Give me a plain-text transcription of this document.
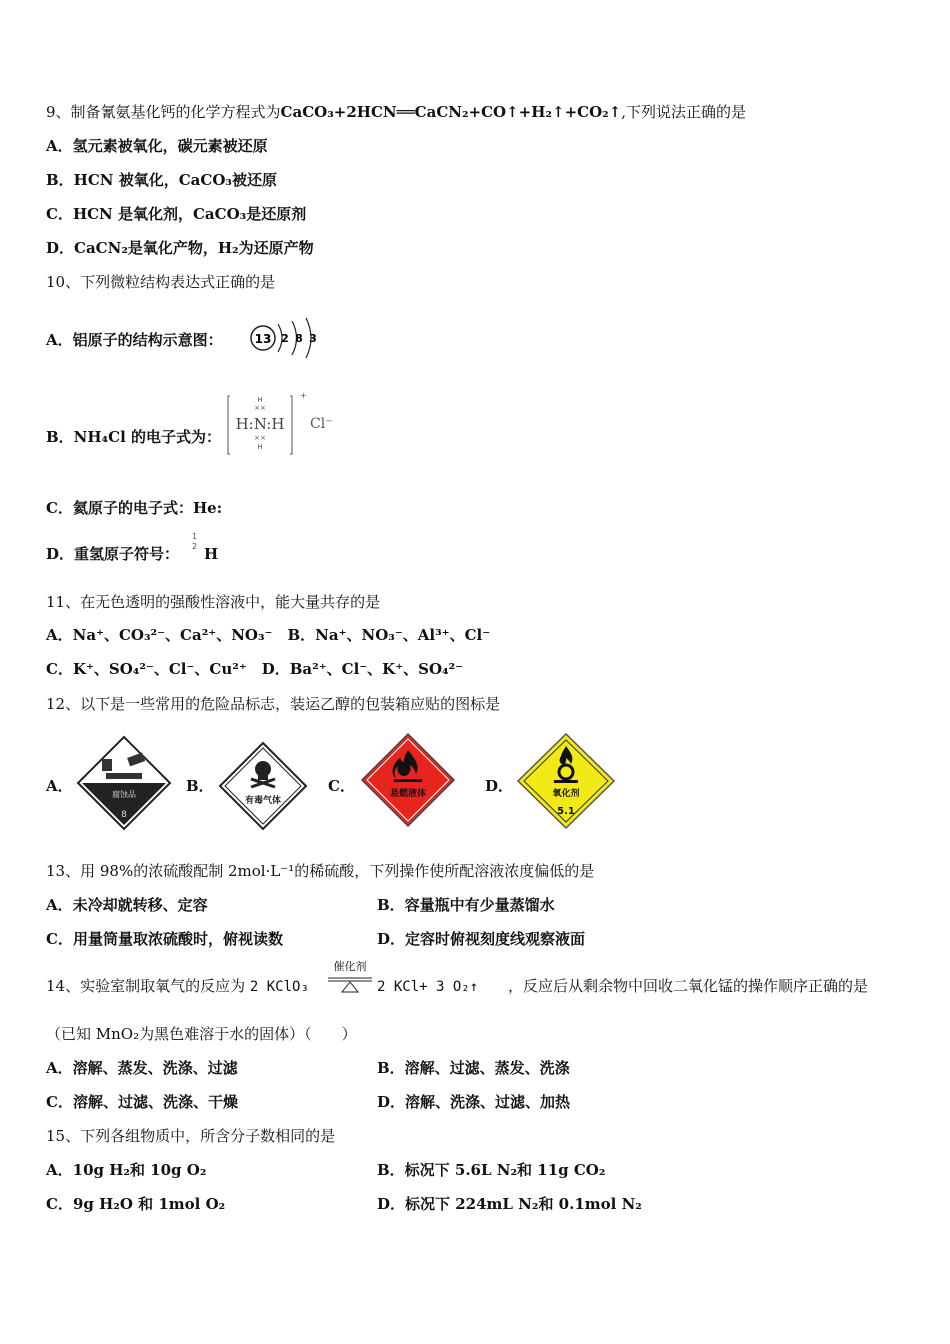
9、制备氰氨基化钙的化学方程式为CaCO₃+2HCN══CaCN₂+CO↑+H₂↑+CO₂↑,下列说法正确的是
A．氢元素被氧化，碳元素被还原
B．HCN 被氧化，CaCO₃被还原
C．HCN 是氧化剂，CaCO₃是还原剂
D．CaCN₂是氧化产物，H₂为还原产物
10、下列微粒结构表达式正确的是
A．铝原子的结构示意图：	13 2 8 3
B．NH₄Cl 的电子式为：
H
××
H:N:H
××
H
+
Cl⁻
C．氦原子的电子式：He:
D．重氢原子符号：
1
2 H
11、在无色透明的强酸性溶液中，能大量共存的是
A．Na⁺、CO₃²⁻、Ca²⁺、NO₃⁻　B．Na⁺、NO₃⁻、Al³⁺、Cl⁻
C．K⁺、SO₄²⁻、Cl⁻、Cu²⁺　D．Ba²⁺、Cl⁻、K⁺、SO₄²⁻
12、以下是一些常用的危险品标志，装运乙醇的包装箱应贴的图标是
A．	腐蚀品
8
B．
有毒气体
C．	易燃液体	D．	氧化剂
5.1
13、用 98%的浓硫酸配制 2mol·L⁻¹的稀硫酸，下列操作使所配溶液浓度偏低的是
A．未冷却就转移、定容	B．容量瓶中有少量蒸馏水
C．用量筒量取浓硫酸时，俯视读数	D．定容时俯视刻度线观察液面
14、实验室制取氧气的反应为 2 KClO₃
催化剂
2 KCl+ 3 O₂↑ ，反应后从剩余物中回收二氧化锰的操作顺序正确的是
（已知 MnO₂为黑色难溶于水的固体）（　　）
A．溶解、蒸发、洗涤、过滤	B．溶解、过滤、蒸发、洗涤
C．溶解、过滤、洗涤、干燥	D．溶解、洗涤、过滤、加热
15、下列各组物质中，所含分子数相同的是
A．10g H₂和 10g O₂	B．标况下 5.6L N₂和 11g CO₂
C．9g H₂O 和 1mol O₂	D．标况下 224mL N₂和 0.1mol N₂
